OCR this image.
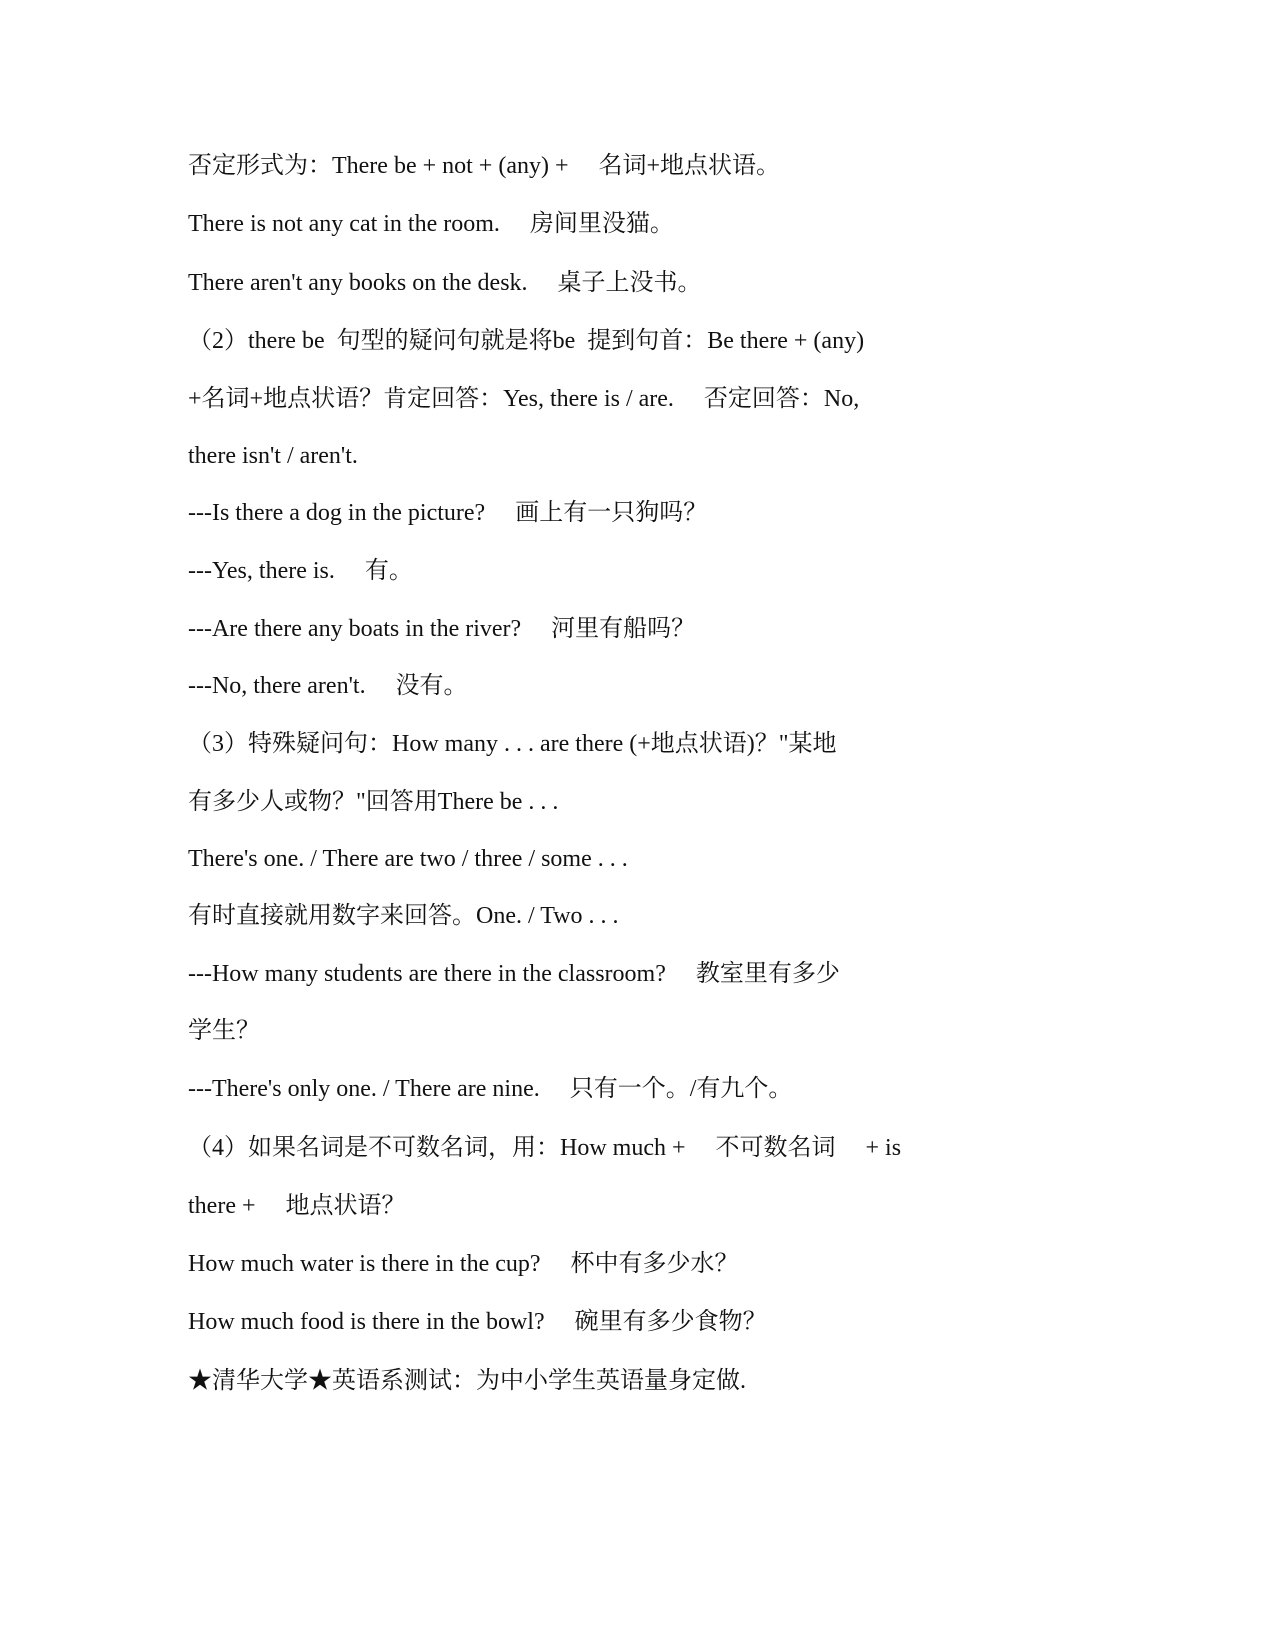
否定形式为：There be + not + (any) +　 名词+地点状语。
There is not any cat in the room.　 房间里没猫。
There aren't any books on the desk.　 桌子上没书。
（2）there be  句型的疑问句就是将be  提到句首：Be there + (any)
+名词+地点状语？肯定回答：Yes, there is / are.　 否定回答：No,
there isn't / aren't.
---Is there a dog in the picture?　 画上有一只狗吗？
---Yes, there is.　 有。
---Are there any boats in the river?　 河里有船吗？
---No, there aren't.　 没有。
（3）特殊疑问句：How many . . . are there (+地点状语)？"某地
有多少人或物？"回答用There be . . .
There's one. / There are two / three / some . . .
有时直接就用数字来回答。One. / Two . . .
---How many students are there in the classroom?　 教室里有多少
学生？
---There's only one. / There are nine.　 只有一个。/有九个。
（4）如果名词是不可数名词，用：How much +　 不可数名词　 + is
there +　 地点状语？
How much water is there in the cup?　 杯中有多少水？
How much food is there in the bowl?　 碗里有多少食物？
★清华大学★英语系测试：为中小学生英语量身定做.
